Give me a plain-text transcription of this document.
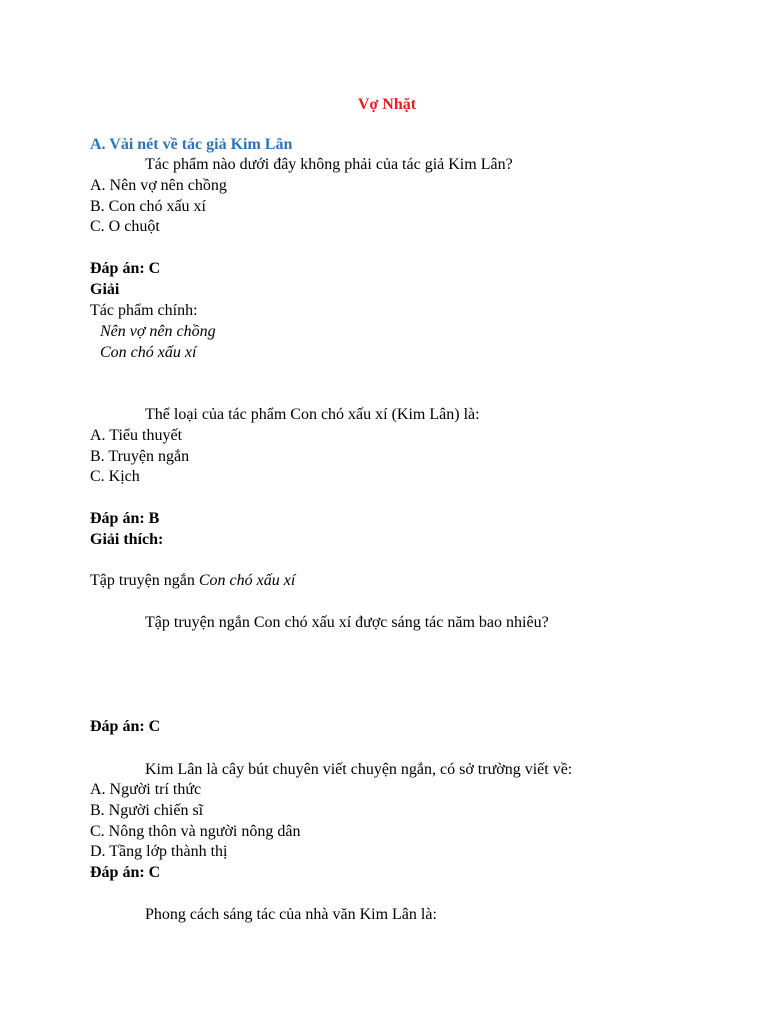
Vợ Nhặt
A. Vài nét về tác giả Kim Lân
Tác phẩm nào dưới đây không phải của tác giả Kim Lân?
A. Nên vợ nên chồng
B. Con chó xấu xí
C. O chuột
Đáp án: C
Giải
Tác phẩm chính:
Nên vợ nên chồng
Con chó xấu xí
Thể loại của tác phẩm Con chó xấu xí (Kim Lân) là:
A. Tiểu thuyết
B. Truyện ngắn
C. Kịch
Đáp án: B
Giải thích:
Tập truyện ngắn Con chó xấu xí
Tập truyện ngắn Con chó xấu xí được sáng tác năm bao nhiêu?
Đáp án: C
Kim Lân là cây bút chuyên viết chuyện ngắn, có sở trường viết về:
A. Người trí thức
B. Người chiến sĩ
C. Nông thôn và người nông dân
D. Tầng lớp thành thị
Đáp án: C
Phong cách sáng tác của nhà văn Kim Lân là:
